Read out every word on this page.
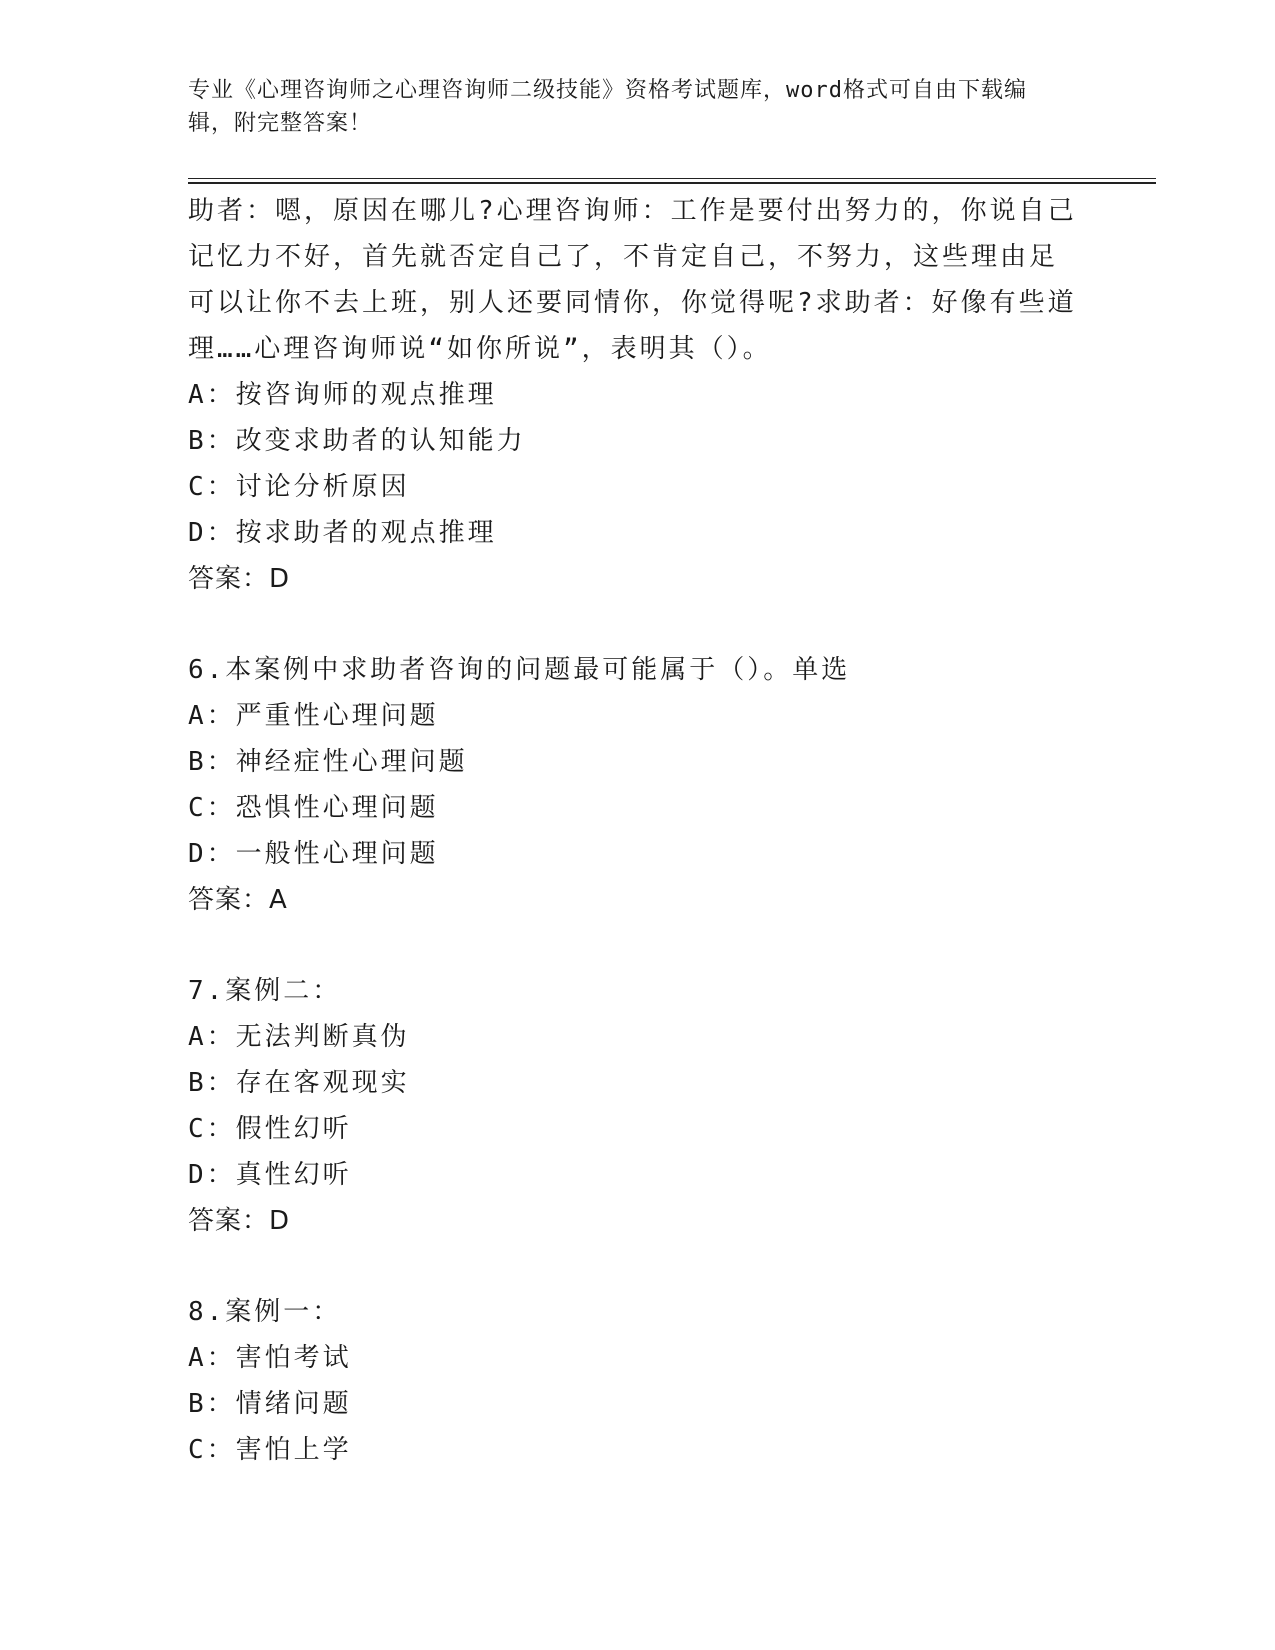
专业《心理咨询师之心理咨询师二级技能》资格考试题库，word格式可自由下载编辑，附完整答案！
助者：嗯，原因在哪儿?心理咨询师：工作是要付出努力的，你说自己
记忆力不好，首先就否定自己了，不肯定自己，不努力，这些理由足
可以让你不去上班，别人还要同情你，你觉得呢?求助者：好像有些道
理……心理咨询师说“如你所说”，表明其（）。
A：按咨询师的观点推理
B：改变求助者的认知能力
C：讨论分析原因
D：按求助者的观点推理
答案：D
6.本案例中求助者咨询的问题最可能属于（）。单选
A：严重性心理问题
B：神经症性心理问题
C：恐惧性心理问题
D：一般性心理问题
答案：A
7.案例二：
A：无法判断真伪
B：存在客观现实
C：假性幻听
D：真性幻听
答案：D
8.案例一：
A：害怕考试
B：情绪问题
C：害怕上学
